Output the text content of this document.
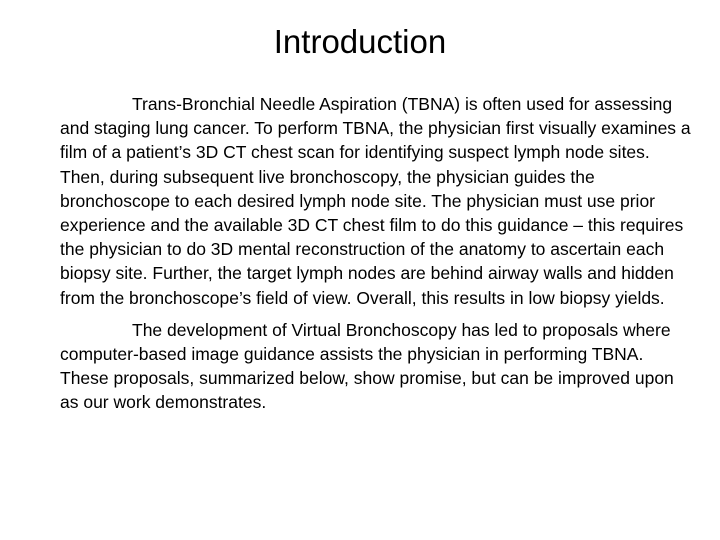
Introduction

Trans-Bronchial Needle Aspiration (TBNA) is often used for assessing and staging lung cancer. To perform TBNA, the physician first visually examines a film of a patient’s 3D CT chest scan for identifying suspect lymph node sites. Then, during subsequent live bronchoscopy, the physician guides the bronchoscope to each desired lymph node site. The physician must use prior experience and the available 3D CT chest film to do this guidance – this requires the physician to do 3D mental reconstruction of the anatomy to ascertain each biopsy site. Further, the target lymph nodes are behind airway walls and hidden from the bronchoscope’s field of view. Overall, this results in low biopsy yields.

The development of Virtual Bronchoscopy has led to proposals where computer-based image guidance assists the physician in performing TBNA. These proposals, summarized below, show promise, but can be improved upon as our work demonstrates.
